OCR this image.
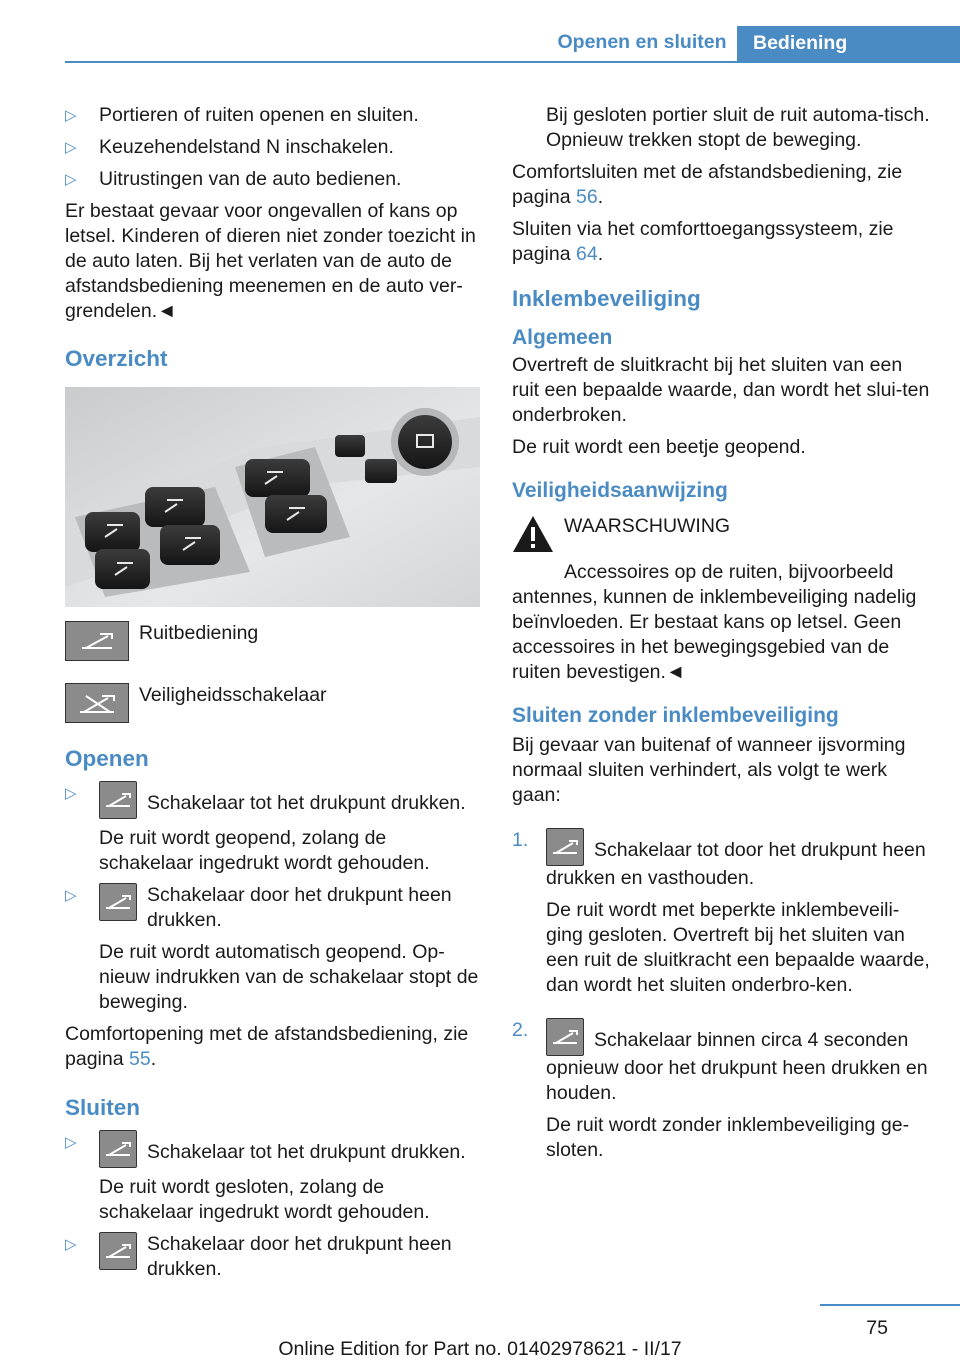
Openen en sluiten	Bediening
▷	Portieren of ruiten openen en sluiten.
▷	Keuzehendelstand N inschakelen.
▷	Uitrustingen van de auto bedienen.

Er bestaat gevaar voor ongevallen of kans op letsel. Kinderen of dieren niet zonder toezicht in de auto laten. Bij het verlaten van de auto de afstandsbediening meenemen en de auto ver-grendelen.◄

Overzicht
Ruitbediening
Veiligheidsschakelaar
Openen
▷	Schakelaar tot het drukpunt drukken.
De ruit wordt geopend, zolang de schakelaar ingedrukt wordt gehouden.
▷	Schakelaar door het drukpunt heen drukken.
De ruit wordt automatisch geopend. Op-nieuw indrukken van de schakelaar stopt de beweging.

Comfortopening met de afstandsbediening, zie pagina 55.

Sluiten
▷	Schakelaar tot het drukpunt drukken.
De ruit wordt gesloten, zolang de schakelaar ingedrukt wordt gehouden.
▷	Schakelaar door het drukpunt heen drukken.

Bij gesloten portier sluit de ruit automa-tisch. Opnieuw trekken stopt de beweging.

Comfortsluiten met de afstandsbediening, zie pagina 56.

Sluiten via het comforttoegangssysteem, zie pagina 64.

Inklembeveiliging
Algemeen

Overtreft de sluitkracht bij het sluiten van een ruit een bepaalde waarde, dan wordt het slui-ten onderbroken.

De ruit wordt een beetje geopend.

Veiligheidsaanwijzing
WAARSCHUWING

Accessoires op de ruiten, bijvoorbeeld antennes, kunnen de inklembeveiliging nadelig beïnvloeden. Er bestaat kans op letsel. Geen accessoires in het bewegingsgebied van de ruiten bevestigen.◄

Sluiten zonder inklembeveiliging

Bij gevaar van buitenaf of wanneer ijsvorming normaal sluiten verhindert, als volgt te werk gaan:

1.	Schakelaar tot door het drukpunt heen drukken en vasthouden.
De ruit wordt met beperkte inklembeveili-ging gesloten. Overtreft bij het sluiten van een ruit de sluitkracht een bepaalde waarde, dan wordt het sluiten onderbro-ken.
2.	Schakelaar binnen circa 4 seconden opnieuw door het drukpunt heen drukken en houden.
De ruit wordt zonder inklembeveiliging ge-sloten.
75
Online Edition for Part no. 01402978621 - II/17
